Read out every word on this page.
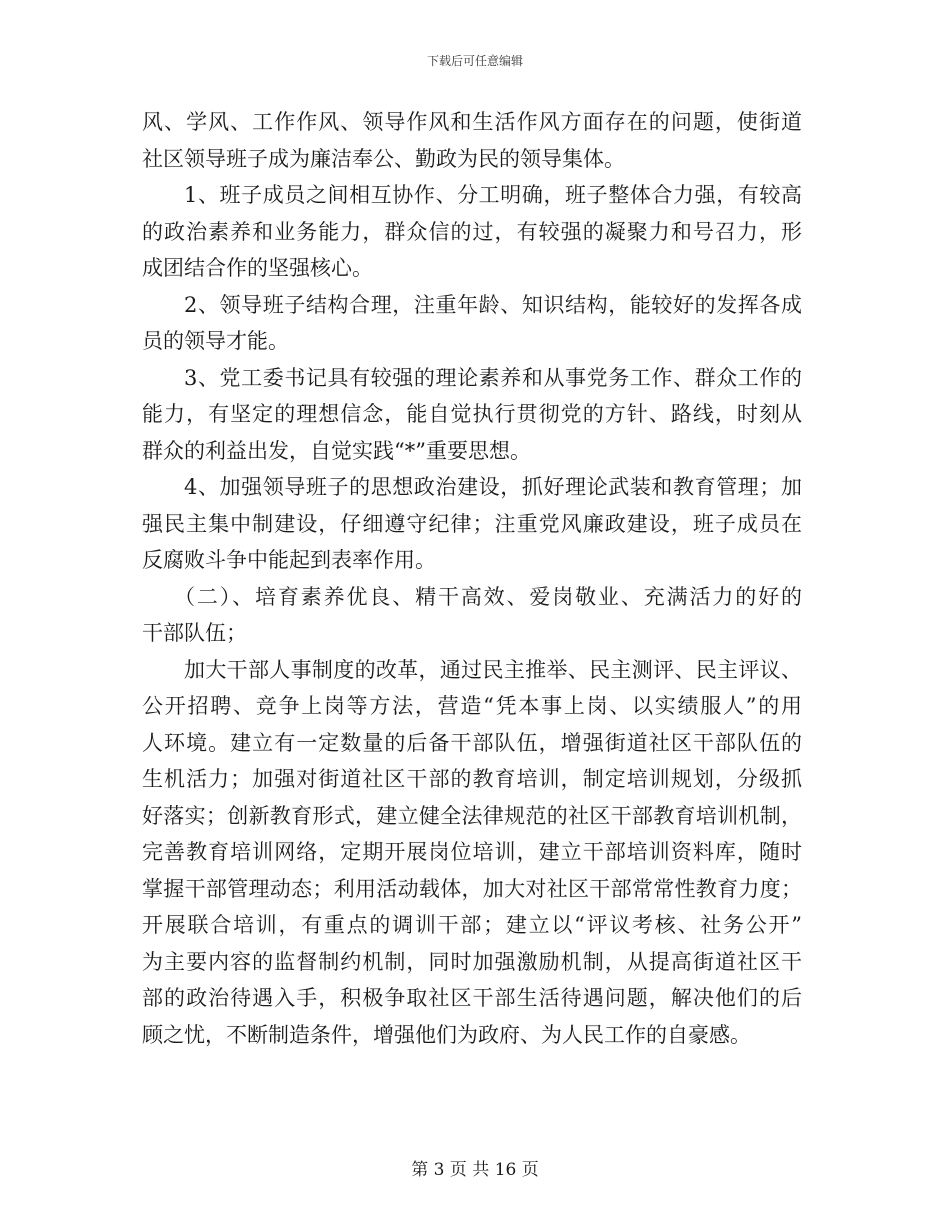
下载后可任意编辑
风、学风、工作作风、领导作风和生活作风方面存在的问题，使街道
社区领导班子成为廉洁奉公、勤政为民的领导集体。
1、班子成员之间相互协作、分工明确，班子整体合力强，有较高
的政治素养和业务能力，群众信的过，有较强的凝聚力和号召力，形
成团结合作的坚强核心。
2、领导班子结构合理，注重年龄、知识结构，能较好的发挥各成
员的领导才能。
3、党工委书记具有较强的理论素养和从事党务工作、群众工作的
能力，有坚定的理想信念，能自觉执行贯彻党的方针、路线，时刻从
群众的利益出发，自觉实践“*”重要思想。
4、加强领导班子的思想政治建设，抓好理论武装和教育管理；加
强民主集中制建设，仔细遵守纪律；注重党风廉政建设，班子成员在
反腐败斗争中能起到表率作用。
（二）、培育素养优良、精干高效、爱岗敬业、充满活力的好的
干部队伍；
加大干部人事制度的改革，通过民主推举、民主测评、民主评议、
公开招聘、竞争上岗等方法，营造“凭本事上岗、以实绩服人”的用
人环境。建立有一定数量的后备干部队伍，增强街道社区干部队伍的
生机活力；加强对街道社区干部的教育培训，制定培训规划，分级抓
好落实；创新教育形式，建立健全法律规范的社区干部教育培训机制，
完善教育培训网络，定期开展岗位培训，建立干部培训资料库，随时
掌握干部管理动态；利用活动载体，加大对社区干部常常性教育力度；
开展联合培训，有重点的调训干部；建立以“评议考核、社务公开”
为主要内容的监督制约机制，同时加强激励机制，从提高街道社区干
部的政治待遇入手，积极争取社区干部生活待遇问题，解决他们的后
顾之忧，不断制造条件，增强他们为政府、为人民工作的自豪感。
第 3 页 共 16 页
